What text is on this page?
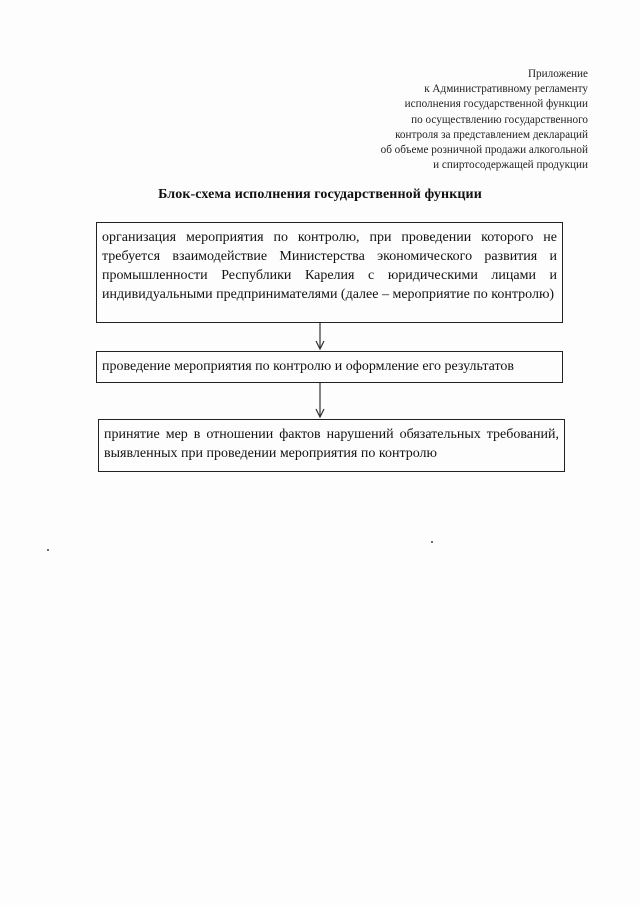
Приложение
к Административному регламенту
исполнения государственной функции
по осуществлению государственного
контроля за представлением деклараций
об объеме розничной продажи алкогольной
и спиртосодержащей продукции
Блок-схема исполнения государственной функции
организация мероприятия по контролю, при проведении которого не требуется взаимодействие Министерства экономического развития и промышленности Республики Карелия с юридическими лицами и индивидуальными предпринимателями (далее – мероприятие по контролю)
проведение мероприятия по контролю и оформление его результатов
принятие мер в отношении фактов нарушений обязательных требований, выявленных при проведении мероприятия по контролю
